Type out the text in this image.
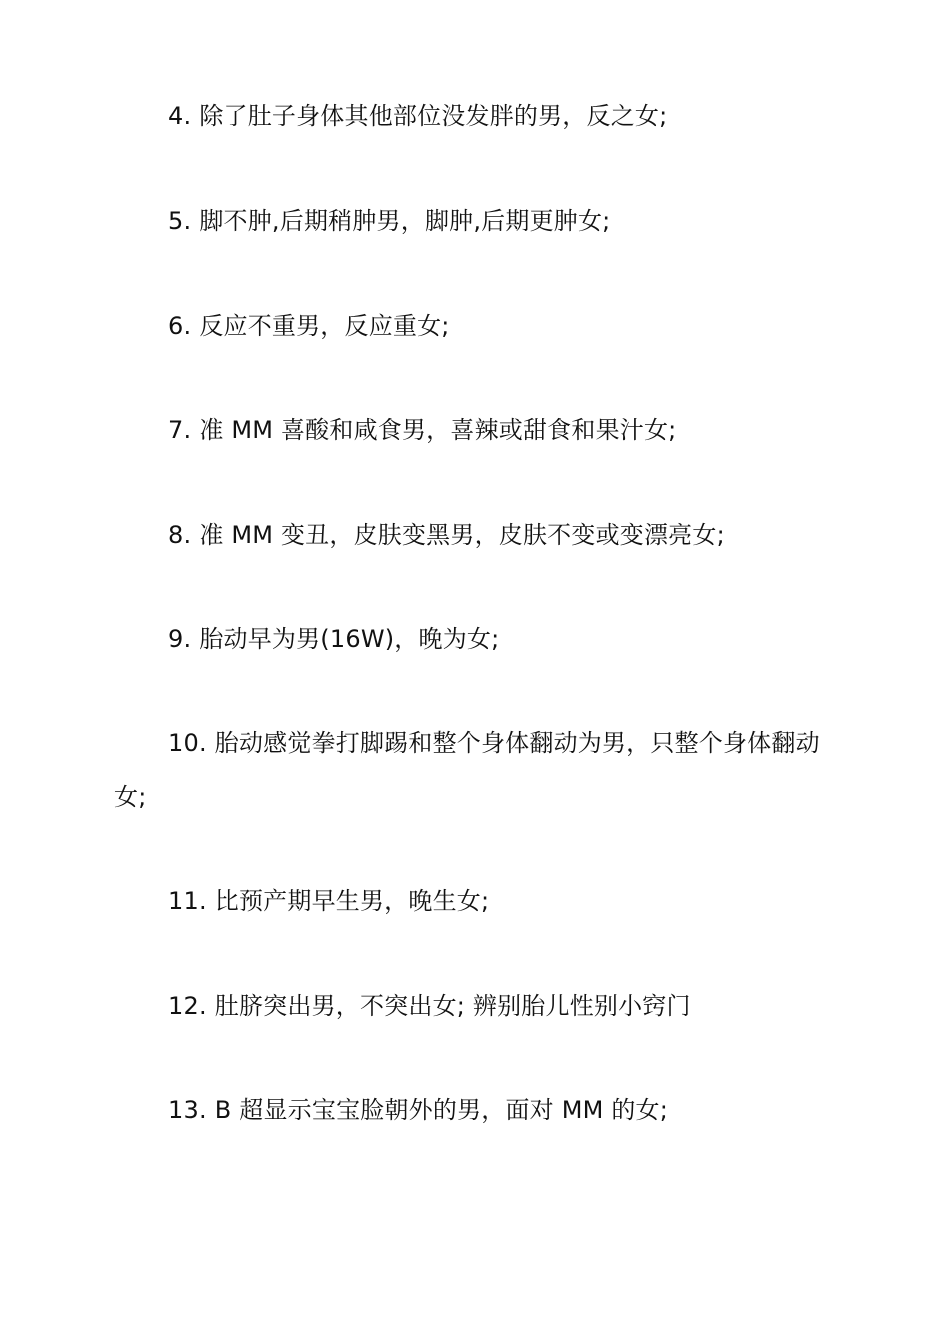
4. 除了肚子身体其他部位没发胖的男，反之女;
5. 脚不肿,后期稍肿男，脚肿,后期更肿女;
6. 反应不重男，反应重女;
7. 准 MM 喜酸和咸食男，喜辣或甜食和果汁女;
8. 准 MM 变丑，皮肤变黑男，皮肤不变或变漂亮女;
9. 胎动早为男(16W)，晚为女;
10. 胎动感觉拳打脚踢和整个身体翻动为男，只整个身体翻动女;
11. 比预产期早生男，晚生女;
12. 肚脐突出男，不突出女; 辨别胎儿性别小窍门
13. B 超显示宝宝脸朝外的男，面对 MM 的女;
